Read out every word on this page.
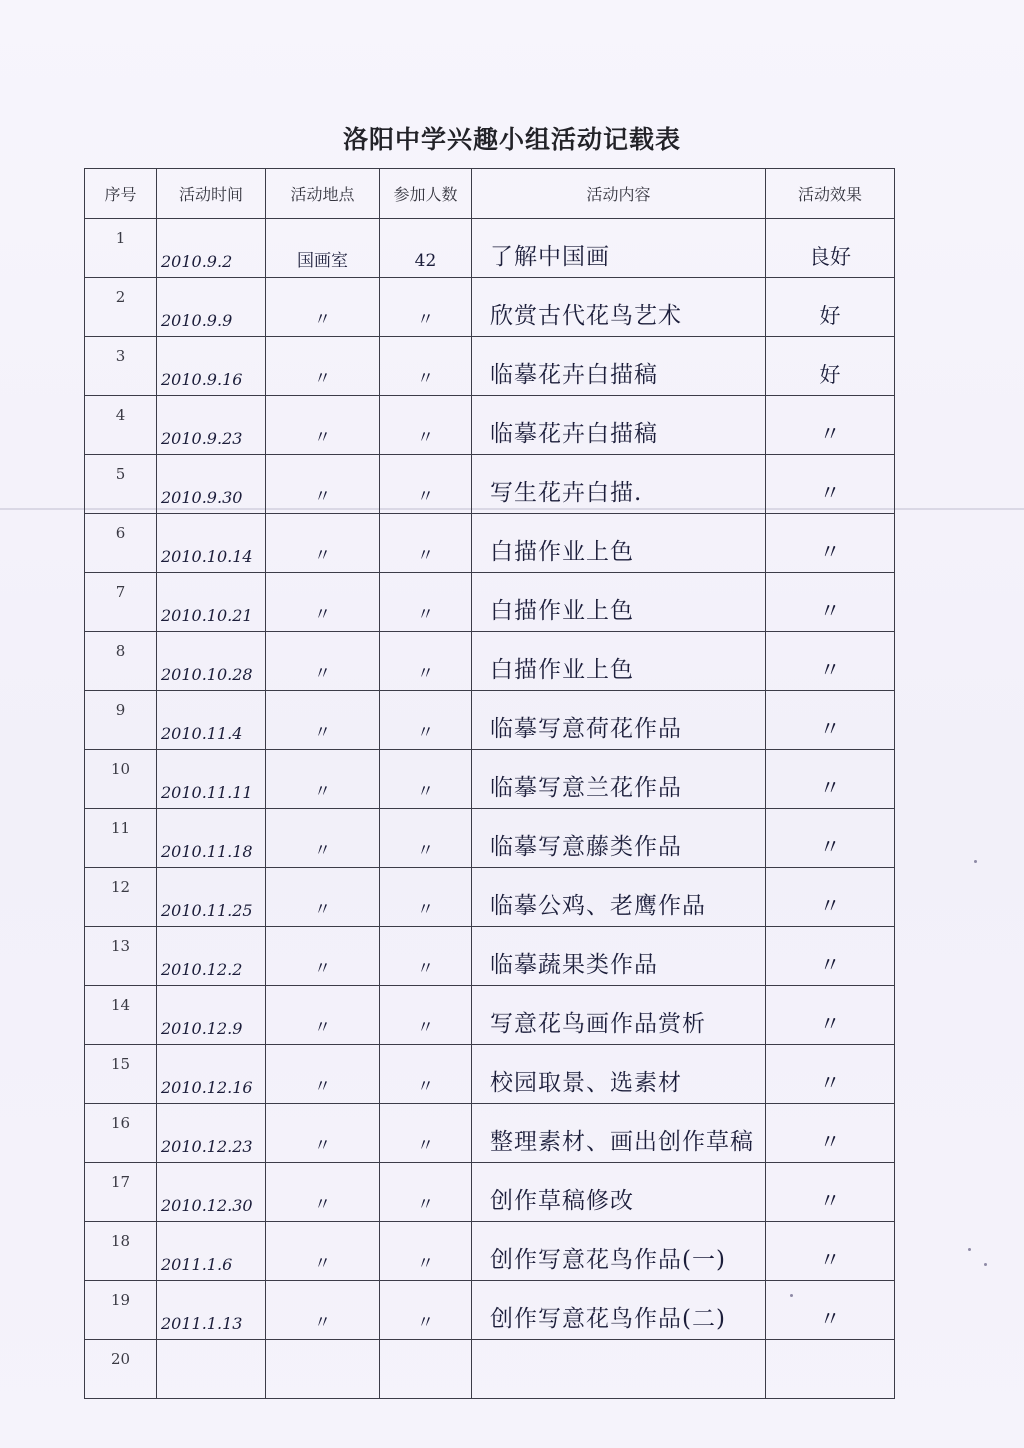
洛阳中学兴趣小组活动记载表
序号	活动时间	活动地点	参加人数	活动内容	活动效果
1	2010.9.2	国画室	42	了解中国画	良好
2	2010.9.9	〃	〃	欣赏古代花鸟艺术	好
3	2010.9.16	〃	〃	临摹花卉白描稿	好
4	2010.9.23	〃	〃	临摹花卉白描稿	〃
5	2010.9.30	〃	〃	写生花卉白描.	〃
6	2010.10.14	〃	〃	白描作业上色	〃
7	2010.10.21	〃	〃	白描作业上色	〃
8	2010.10.28	〃	〃	白描作业上色	〃
9	2010.11.4	〃	〃	临摹写意荷花作品	〃
10	2010.11.11	〃	〃	临摹写意兰花作品	〃
11	2010.11.18	〃	〃	临摹写意藤类作品	〃
12	2010.11.25	〃	〃	临摹公鸡、老鹰作品	〃
13	2010.12.2	〃	〃	临摹蔬果类作品	〃
14	2010.12.9	〃	〃	写意花鸟画作品赏析	〃
15	2010.12.16	〃	〃	校园取景、选素材	〃
16	2010.12.23	〃	〃	整理素材、画出创作草稿	〃
17	2010.12.30	〃	〃	创作草稿修改	〃
18	2011.1.6	〃	〃	创作写意花鸟作品(一)	〃
19	2011.1.13	〃	〃	创作写意花鸟作品(二)	〃
20					
